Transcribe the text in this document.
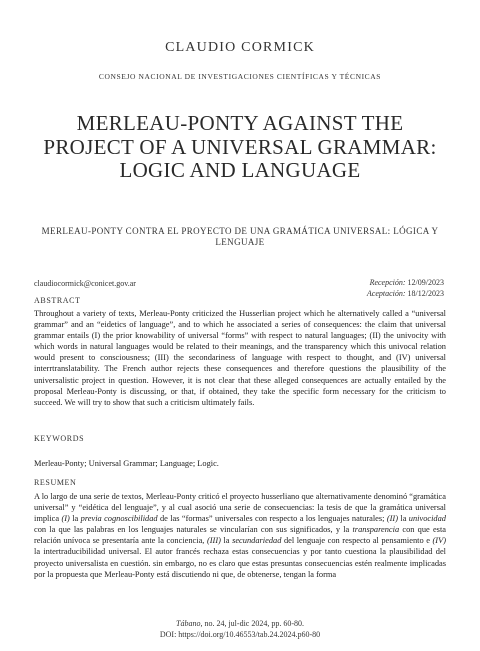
CLAUDIO CORMICK
CONSEJO NACIONAL DE INVESTIGACIONES CIENTÍFICAS Y TÉCNICAS
MERLEAU-PONTY AGAINST THE PROJECT OF A UNIVERSAL GRAMMAR: LOGIC AND LANGUAGE
MERLEAU-PONTY CONTRA EL PROYECTO DE UNA GRAMÁTICA UNIVERSAL: LÓGICA Y LENGUAJE
claudiocormick@conicet.gov.ar	Recepción: 12/09/2023
Aceptación: 18/12/2023
ABSTRACT
Throughout a variety of texts, Merleau-Ponty criticized the Husserlian project which he alternatively called a “universal grammar” and an “eidetics of language”, and to which he associated a series of consequences: the claim that universal grammar entails (I) the prior knowability of universal “forms” with respect to natural languages; (II) the univocity with which words in natural languages would be related to their meanings, and the transparency which this univocal relation would present to consciousness; (III) the secondariness of language with respect to thought, and (IV) universal interrtranslatability. The French author rejects these consequences and therefore questions the plausibility of the universalistic project in question. However, it is not clear that these alleged consequences are actually entailed by the proposal Merleau-Ponty is discussing, or that, if obtained, they take the specific form necessary for the criticism to succeed. We will try to show that such a criticism ultimately fails.
KEYWORDS
Merleau-Ponty; Universal Grammar; Language; Logic.
RESUMEN
A lo largo de una serie de textos, Merleau-Ponty criticó el proyecto husserliano que alternativamente denominó “gramática universal” y “eidética del lenguaje”, y al cual asoció una serie de consecuencias: la tesis de que la gramática universal implica (I) la previa cognoscibilidad de las “formas” universales con respecto a los lenguajes naturales; (II) la univocidad con la que las palabras en los lenguajes naturales se vincularían con sus significados, y la transparencia con que esta relación unívoca se presentaría ante la conciencia, (III) la secundariedad del lenguaje con respecto al pensamiento e (IV) la intertraducibilidad universal. El autor francés rechaza estas consecuencias y por tanto cuestiona la plausibilidad del proyecto universalista en cuestión. sin embargo, no es claro que estas presuntas consecuencias estén realmente implicadas por la propuesta que Merleau-Ponty está discutiendo ni que, de obtenerse, tengan la forma
Tábano, no. 24, jul-dic 2024, pp. 60-80.
DOI: https://doi.org/10.46553/tab.24.2024.p60-80
